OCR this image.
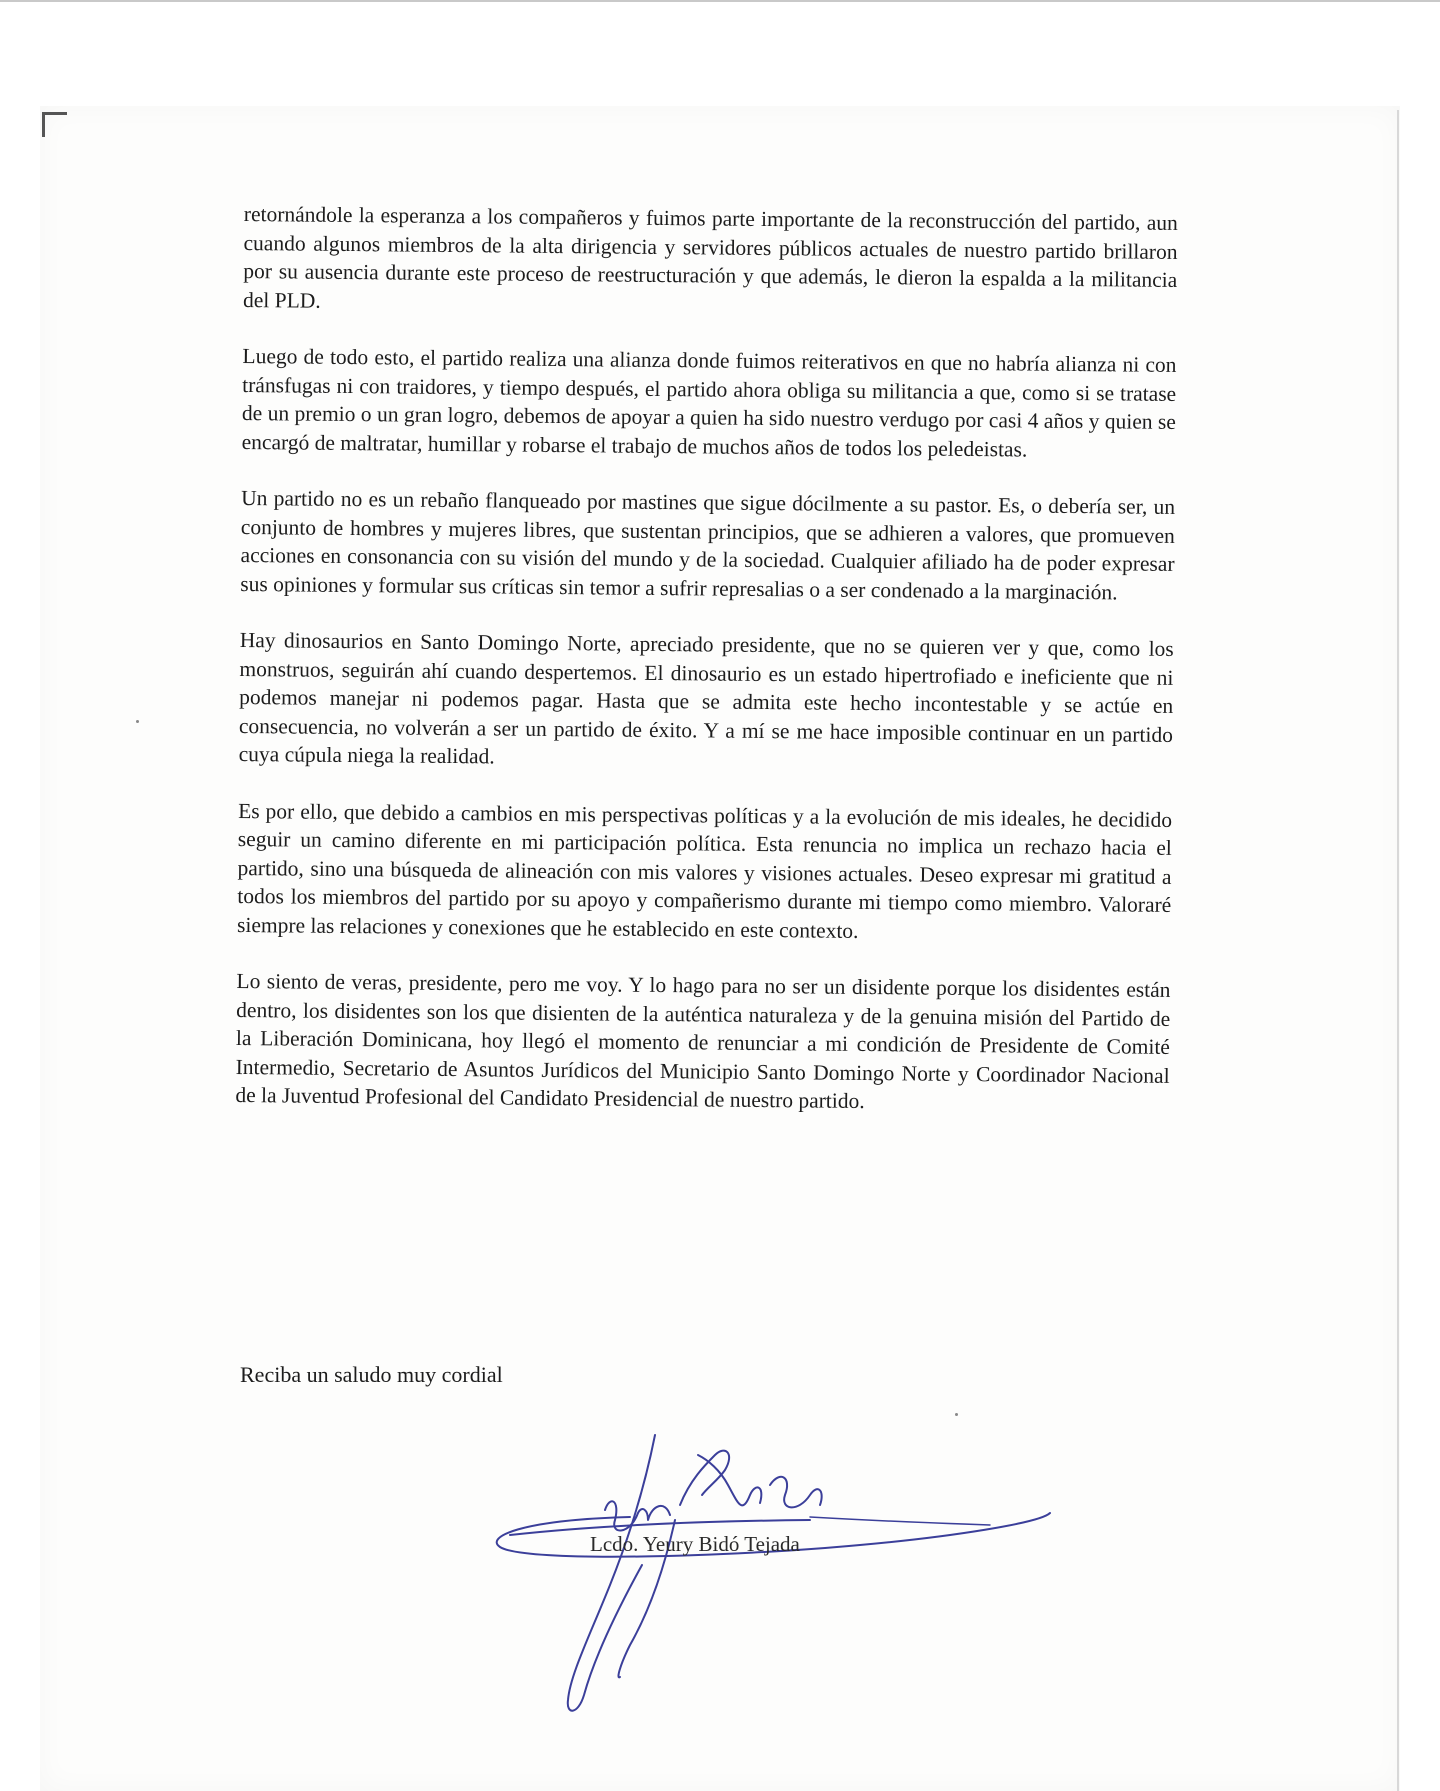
retornándole la esperanza a los compañeros y fuimos parte importante de la reconstrucción del partido, aun cuando algunos miembros de la alta dirigencia y servidores públicos actuales de nuestro partido brillaron por su ausencia durante este proceso de reestructuración y que además, le dieron la espalda a la militancia del PLD.

Luego de todo esto, el partido realiza una alianza donde fuimos reiterativos en que no habría alianza ni con tránsfugas ni con traidores, y tiempo después, el partido ahora obliga su militancia a que, como si se tratase de un premio o un gran logro, debemos de apoyar a quien ha sido nuestro verdugo por casi 4 años y quien se encargó de maltratar, humillar y robarse el trabajo de muchos años de todos los peledeistas.

Un partido no es un rebaño flanqueado por mastines que sigue dócilmente a su pastor. Es, o debería ser, un conjunto de hombres y mujeres libres, que sustentan principios, que se adhieren a valores, que promueven acciones en consonancia con su visión del mundo y de la sociedad. Cualquier afiliado ha de poder expresar sus opiniones y formular sus críticas sin temor a sufrir represalias o a ser condenado a la marginación.

Hay dinosaurios en Santo Domingo Norte, apreciado presidente, que no se quieren ver y que, como los monstruos, seguirán ahí cuando despertemos. El dinosaurio es un estado hipertrofiado e ineficiente que ni podemos manejar ni podemos pagar. Hasta que se admita este hecho incontestable y se actúe en consecuencia, no volverán a ser un partido de éxito. Y a mí se me hace imposible continuar en un partido cuya cúpula niega la realidad.

Es por ello, que debido a cambios en mis perspectivas políticas y a la evolución de mis ideales, he decidido seguir un camino diferente en mi participación política. Esta renuncia no implica un rechazo hacia el partido, sino una búsqueda de alineación con mis valores y visiones actuales. Deseo expresar mi gratitud a todos los miembros del partido por su apoyo y compañerismo durante mi tiempo como miembro. Valoraré siempre las relaciones y conexiones que he establecido en este contexto.

Lo siento de veras, presidente, pero me voy. Y lo hago para no ser un disidente porque los disidentes están dentro, los disidentes son los que disienten de la auténtica naturaleza y de la genuina misión del Partido de la Liberación Dominicana, hoy llegó el momento de renunciar a mi condición de Presidente de Comité Intermedio, Secretario de Asuntos Jurídicos del Municipio Santo Domingo Norte y Coordinador Nacional de la Juventud Profesional del Candidato Presidencial de nuestro partido.

Reciba un saludo muy cordial

Lcdo. Yeury Bidó Tejada
